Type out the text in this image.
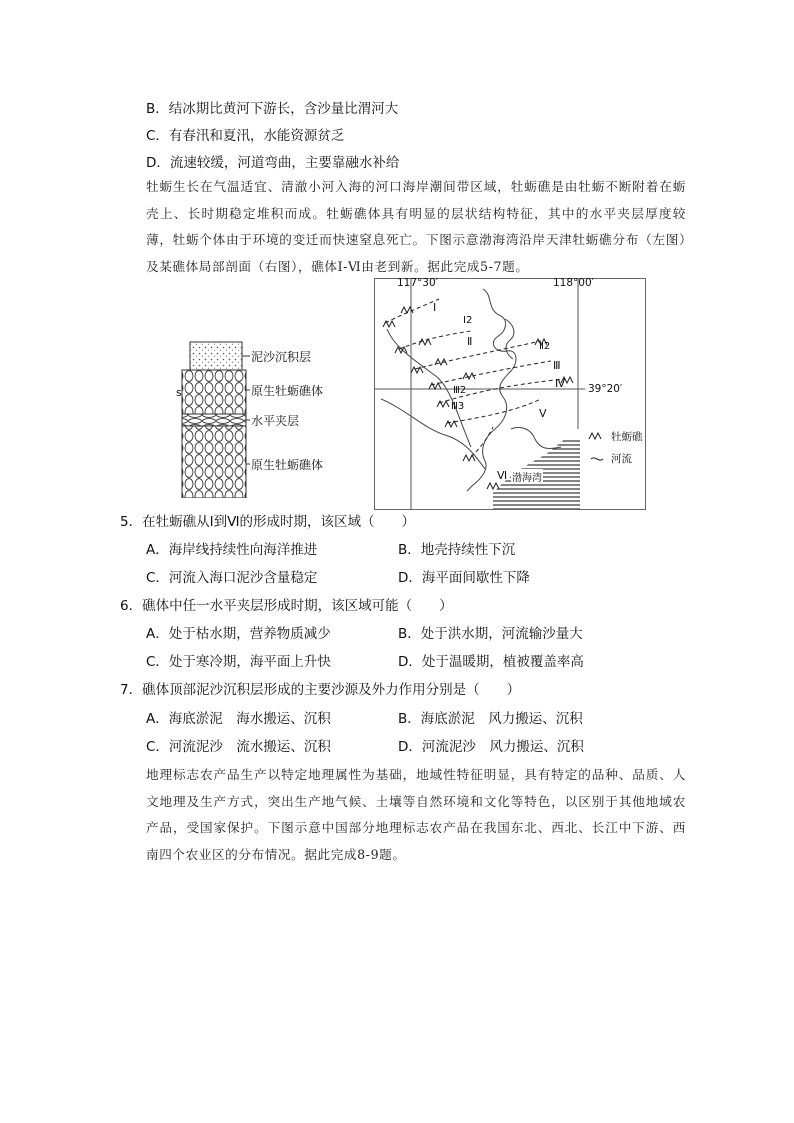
B．结冰期比黄河下游长，含沙量比渭河大
C．有春汛和夏汛，水能资源贫乏
D．流速较缓，河道弯曲，主要靠融水补给
牡蛎生长在气温适宜、清澈小河入海的河口海岸潮间带区域，牡蛎礁是由牡蛎不断附着在蛎壳上、长时期稳定堆积而成。牡蛎礁体具有明显的层状结构特征，其中的水平夹层厚度较薄，牡蛎个体由于环境的变迁而快速窒息死亡。下图示意渤海湾沿岸天津牡蛎礁分布（左图）及某礁体局部剖面（右图），礁体Ⅰ-Ⅵ由老到新。据此完成5-7题。
s
泥沙沉积层
原生牡蛎礁体
水平夹层
原生牡蛎礁体
117°30′	118°00′
39°20′
Ⅰ
Ⅰ2
Ⅱ	Ⅱ2
Ⅲ
Ⅲ2
Ⅲ3
Ⅳ
Ⅴ
Ⅵ 渤海湾
牡蛎礁
河流
5．在牡蛎礁从Ⅰ到Ⅵ的形成时期，该区域（　　）
A．海岸线持续性向海洋推进	B．地壳持续性下沉
C．河流入海口泥沙含量稳定	D．海平面间歇性下降
6．礁体中任一水平夹层形成时期，该区域可能（　　）
A．处于枯水期，营养物质减少	B．处于洪水期，河流输沙量大
C．处于寒冷期，海平面上升快	D．处于温暖期，植被覆盖率高
7．礁体顶部泥沙沉积层形成的主要沙源及外力作用分别是（　　）
A．海底淤泥　海水搬运、沉积	B．海底淤泥　风力搬运、沉积
C．河流泥沙　流水搬运、沉积	D．河流泥沙　风力搬运、沉积
地理标志农产品生产以特定地理属性为基础，地域性特征明显，具有特定的品种、品质、人文地理及生产方式，突出生产地气候、土壤等自然环境和文化等特色，以区别于其他地域农产品，受国家保护。下图示意中国部分地理标志农产品在我国东北、西北、长江中下游、西南四个农业区的分布情况。据此完成8-9题。
